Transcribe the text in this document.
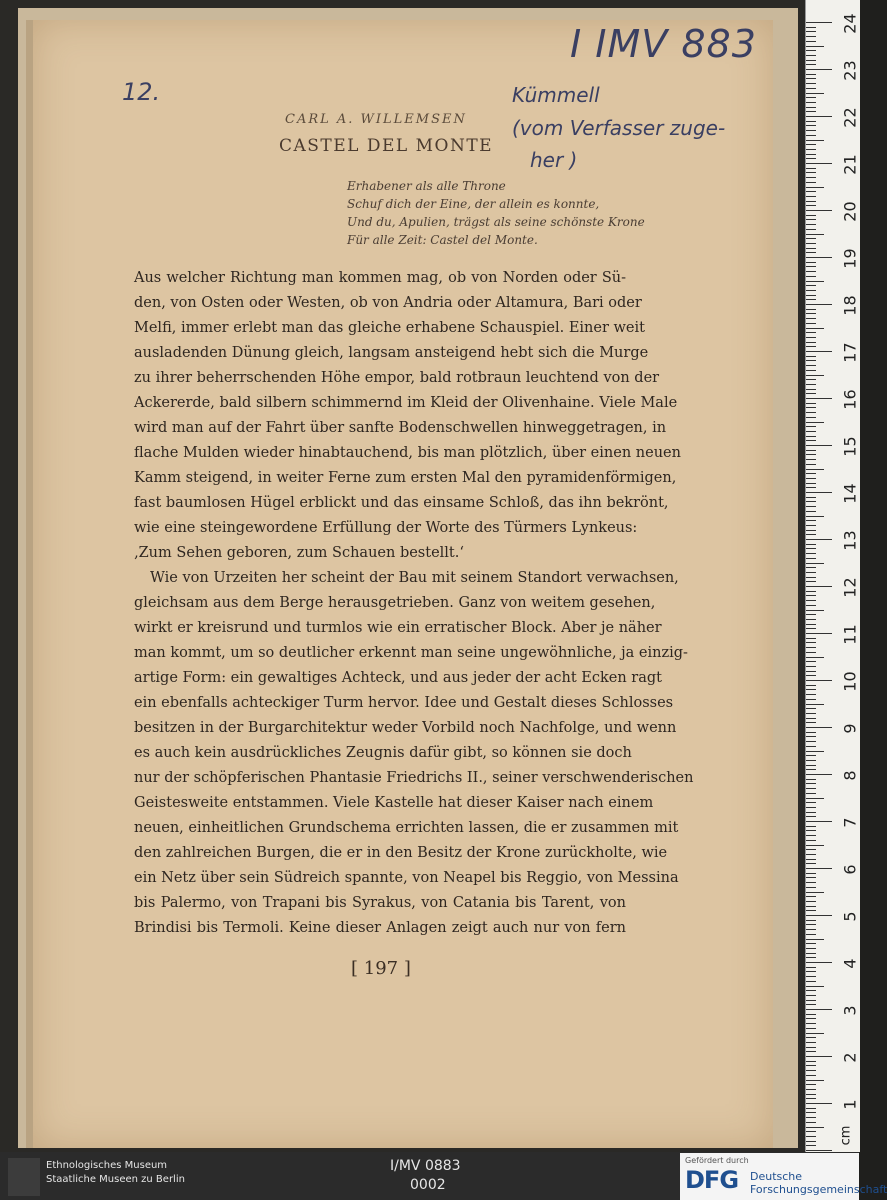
12.
I IMV 883
Kümmell
(vom Verfasser zuge-
her )
CARL A. WILLEMSEN
CASTEL DEL MONTE
Erhabener als alle Throne
Schuf dich der Eine, der allein es konnte,
Und du, Apulien, trägst als seine schönste Krone
Für alle Zeit: Castel del Monte.
Aus welcher Richtung man kommen mag, ob von Norden oder Sü-
den, von Osten oder Westen, ob von Andria oder Altamura, Bari oder
Melfi, immer erlebt man das gleiche erhabene Schauspiel. Einer weit
ausladenden Dünung gleich, langsam ansteigend hebt sich die Murge
zu ihrer beherrschenden Höhe empor, bald rotbraun leuchtend von der
Ackererde, bald silbern schimmernd im Kleid der Olivenhaine. Viele Male
wird man auf der Fahrt über sanfte Bodenschwellen hinweggetragen, in
flache Mulden wieder hinabtauchend, bis man plötzlich, über einen neuen
Kamm steigend, in weiter Ferne zum ersten Mal den pyramidenförmigen,
fast baumlosen Hügel erblickt und das einsame Schloß, das ihn bekrönt,
wie eine steingewordene Erfüllung der Worte des Türmers Lynkeus:
‚Zum Sehen geboren, zum Schauen bestellt.‘
Wie von Urzeiten her scheint der Bau mit seinem Standort verwachsen,
gleichsam aus dem Berge herausgetrieben. Ganz von weitem gesehen,
wirkt er kreisrund und turmlos wie ein erratischer Block. Aber je näher
man kommt, um so deutlicher erkennt man seine ungewöhnliche, ja einzig-
artige Form: ein gewaltiges Achteck, und aus jeder der acht Ecken ragt
ein ebenfalls achteckiger Turm hervor. Idee und Gestalt dieses Schlosses
besitzen in der Burgarchitektur weder Vorbild noch Nachfolge, und wenn
es auch kein ausdrückliches Zeugnis dafür gibt, so können sie doch
nur der schöpferischen Phantasie Friedrichs II., seiner verschwenderischen
Geistesweite entstammen. Viele Kastelle hat dieser Kaiser nach einem
neuen, einheitlichen Grundschema errichten lassen, die er zusammen mit
den zahlreichen Burgen, die er in den Besitz der Krone zurückholte, wie
ein Netz über sein Südreich spannte, von Neapel bis Reggio, von Messina
bis Palermo, von Trapani bis Syrakus, von Catania bis Tarent, von
Brindisi bis Termoli. Keine dieser Anlagen zeigt auch nur von fern
[ 197 ]
24
23
22
21
20
19
18
17
16
15
14
13
12
11
10
9
8
7
6
5
4
3
2
1
cm
Ethnologisches Museum
Staatliche Museen zu Berlin
I/MV 0883
0002
Gefördert durch
DFG Deutsche
Forschungsgemeinschaft
